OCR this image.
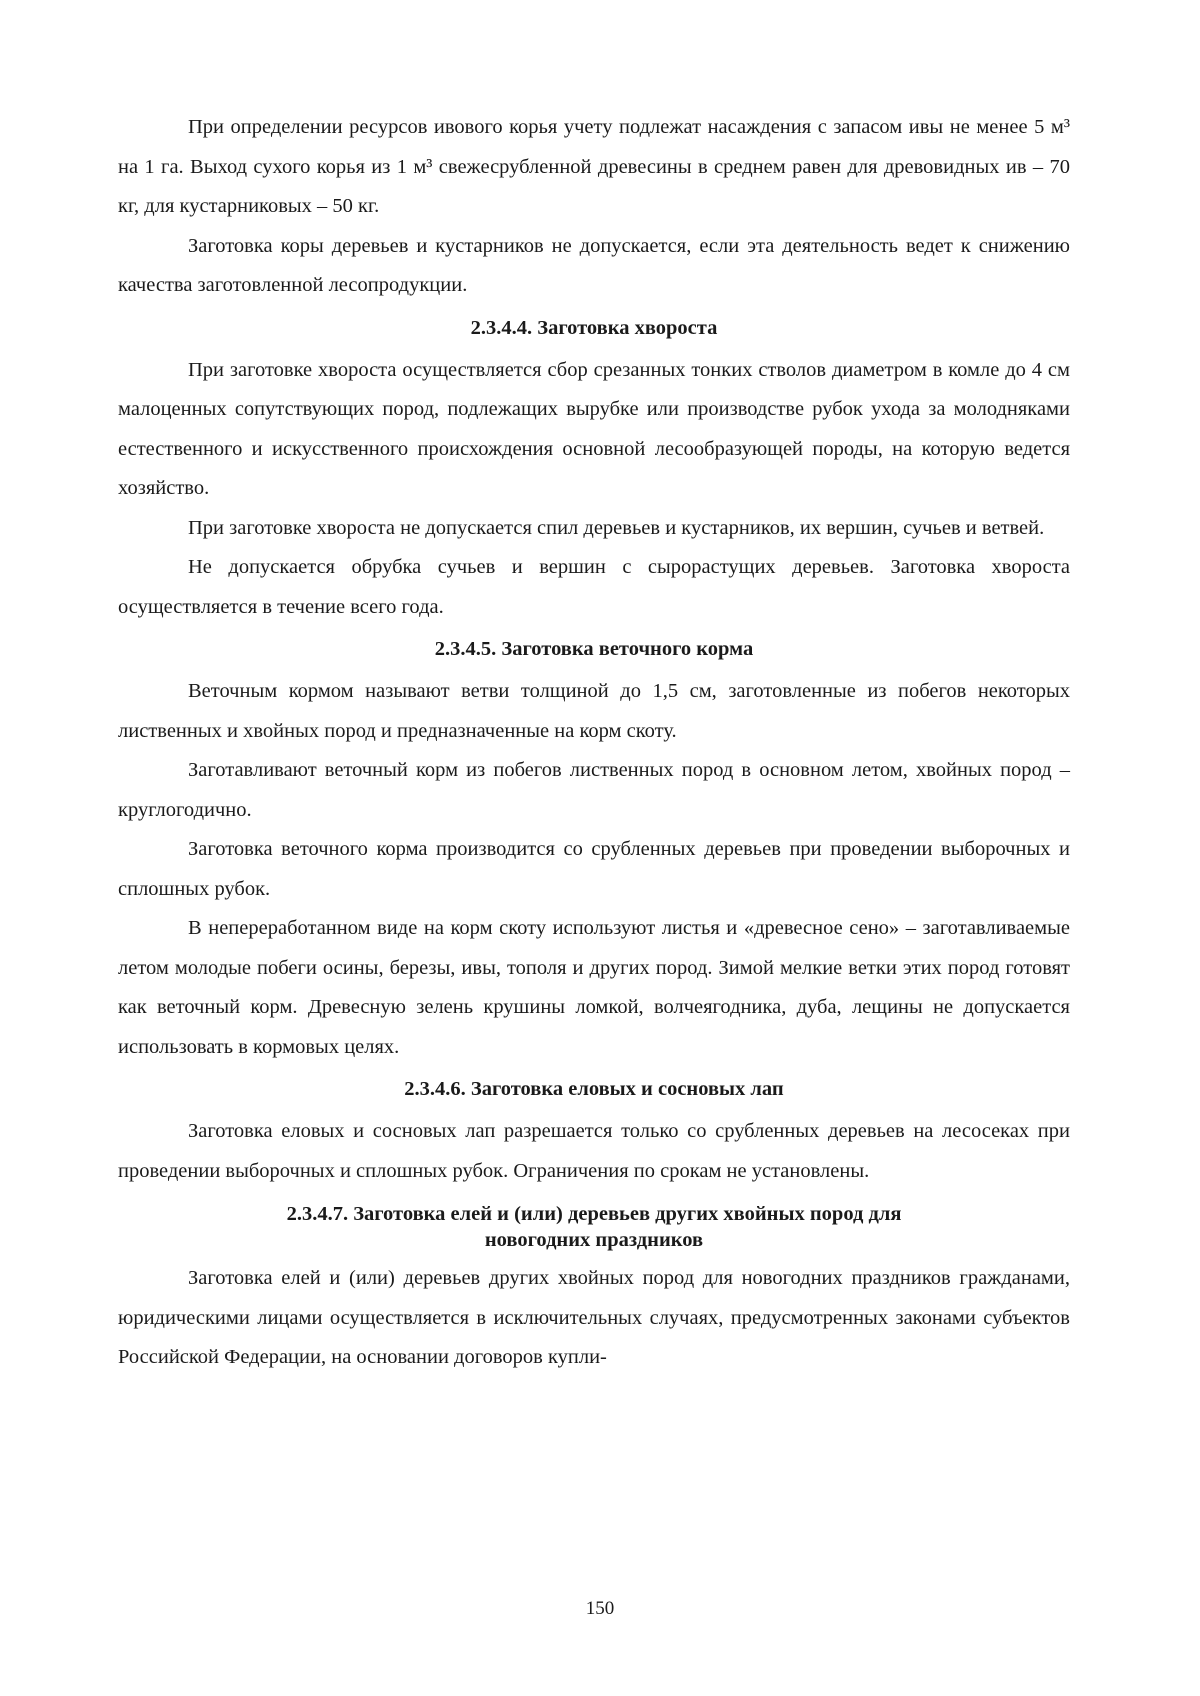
При определении ресурсов ивового корья учету подлежат насаждения с запасом ивы не менее 5 м³ на 1 га. Выход сухого корья из 1 м³ свежесрубленной древесины в среднем равен для древовидных ив – 70 кг, для кустарниковых – 50 кг.

Заготовка коры деревьев и кустарников не допускается, если эта деятельность ведет к снижению качества заготовленной лесопродукции.

2.3.4.4. Заготовка хвороста

При заготовке хвороста осуществляется сбор срезанных тонких стволов диаметром в комле до 4 см малоценных сопутствующих пород, подлежащих вырубке или производстве рубок ухода за молодняками естественного и искусственного происхождения основной лесообразующей породы, на которую ведется хозяйство.

При заготовке хвороста не допускается спил деревьев и кустарников, их вершин, сучьев и ветвей.

Не допускается обрубка сучьев и вершин с сырорастущих деревьев. Заготовка хвороста осуществляется в течение всего года.

2.3.4.5. Заготовка веточного корма

Веточным кормом называют ветви толщиной до 1,5 см, заготовленные из побегов некоторых лиственных и хвойных пород и предназначенные на корм скоту.

Заготавливают веточный корм из побегов лиственных пород в основном летом, хвойных пород – круглогодично.

Заготовка веточного корма производится со срубленных деревьев при проведении выборочных и сплошных рубок.

В непереработанном виде на корм скоту используют листья и «древесное сено» – заготавливаемые летом молодые побеги осины, березы, ивы, тополя и других пород. Зимой мелкие ветки этих пород готовят как веточный корм. Древесную зелень крушины ломкой, волчеягодника, дуба, лещины не допускается использовать в кормовых целях.

2.3.4.6. Заготовка еловых и сосновых лап

Заготовка еловых и сосновых лап разрешается только со срубленных деревьев на лесосеках при проведении выборочных и сплошных рубок. Ограничения по срокам не установлены.

2.3.4.7. Заготовка елей и (или) деревьев других хвойных пород для
новогодних праздников

Заготовка елей и (или) деревьев других хвойных пород для новогодних праздников гражданами, юридическими лицами осуществляется в исключительных случаях, предусмотренных законами субъектов Российской Федерации, на основании договоров купли-

150
